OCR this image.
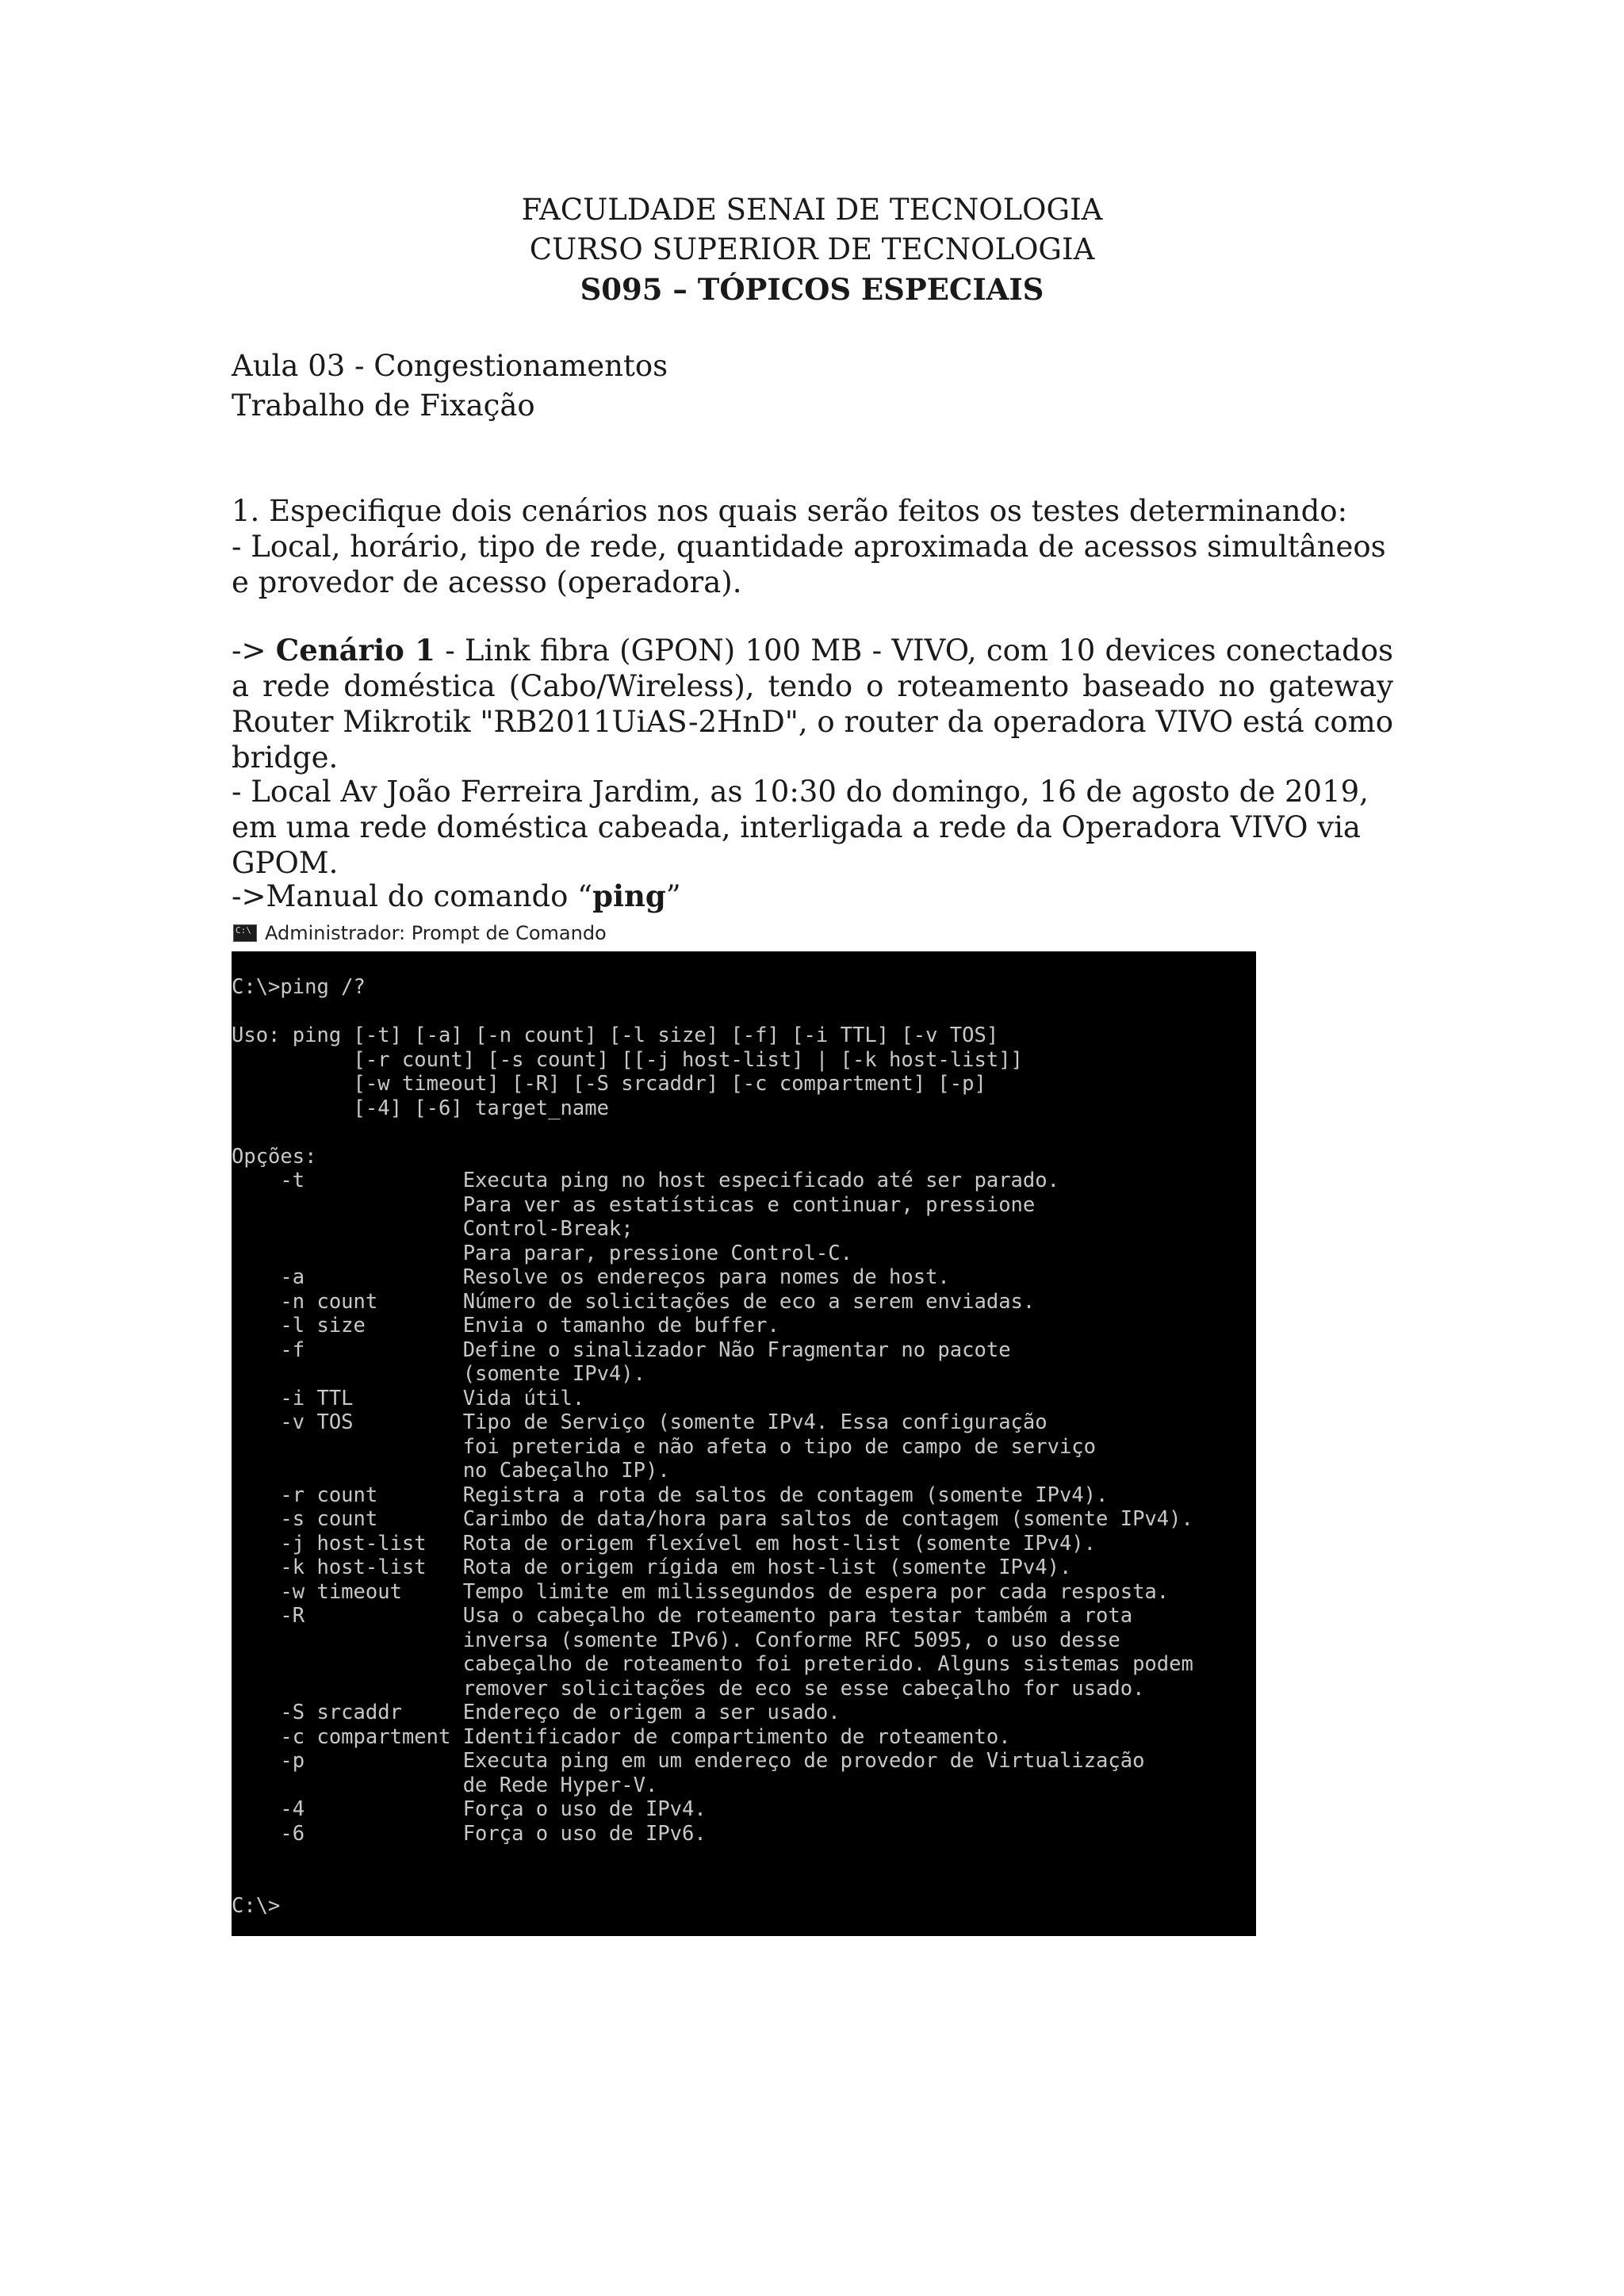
FACULDADE SENAI DE TECNOLOGIA
CURSO SUPERIOR DE TECNOLOGIA
S095 – TÓPICOS ESPECIAIS

Aula 03 - Congestionamentos

Trabalho de Fixação

1. Especifique dois cenários nos quais serão feitos os testes determinando:

- Local, horário, tipo de rede, quantidade aproximada de acessos simultâneos e provedor de acesso (operadora).

-> Cenário 1 - Link fibra (GPON) 100 MB - VIVO, com 10 devices conectados a rede doméstica (Cabo/Wireless), tendo o roteamento baseado no gateway Router Mikrotik "RB2011UiAS-2HnD", o router da operadora VIVO está como bridge.

- Local Av João Ferreira Jardim, as 10:30 do domingo, 16 de agosto de 2019, em uma rede doméstica cabeada, interligada a rede da Operadora VIVO via GPOM.

->Manual do comando “ping”

C:\
Administrador: Prompt de Comando
C:\>ping /?
Uso: ping [-t] [-a] [-n count] [-l size] [-f] [-i TTL] [-v TOS]
[-r count] [-s count] [[-j host-list] | [-k host-list]]
[-w timeout] [-R] [-S srcaddr] [-c compartment] [-p]
[-4] [-6] target_name
Opções:
-t             Executa ping no host especificado até ser parado.
Para ver as estatísticas e continuar, pressione
Control-Break;
Para parar, pressione Control-C.
-a             Resolve os endereços para nomes de host.
-n count       Número de solicitações de eco a serem enviadas.
-l size        Envia o tamanho de buffer.
-f             Define o sinalizador Não Fragmentar no pacote
(somente IPv4).
-i TTL         Vida útil.
-v TOS         Tipo de Serviço (somente IPv4. Essa configuração
foi preterida e não afeta o tipo de campo de serviço
no Cabeçalho IP).
-r count       Registra a rota de saltos de contagem (somente IPv4).
-s count       Carimbo de data/hora para saltos de contagem (somente IPv4).
-j host-list   Rota de origem flexível em host-list (somente IPv4).
-k host-list   Rota de origem rígida em host-list (somente IPv4).
-w timeout     Tempo limite em milissegundos de espera por cada resposta.
-R             Usa o cabeçalho de roteamento para testar também a rota
inversa (somente IPv6). Conforme RFC 5095, o uso desse
cabeçalho de roteamento foi preterido. Alguns sistemas podem
remover solicitações de eco se esse cabeçalho for usado.
-S srcaddr     Endereço de origem a ser usado.
-c compartment Identificador de compartimento de roteamento.
-p             Executa ping em um endereço de provedor de Virtualização
de Rede Hyper-V.
-4             Força o uso de IPv4.
-6             Força o uso de IPv6.
C:\>
